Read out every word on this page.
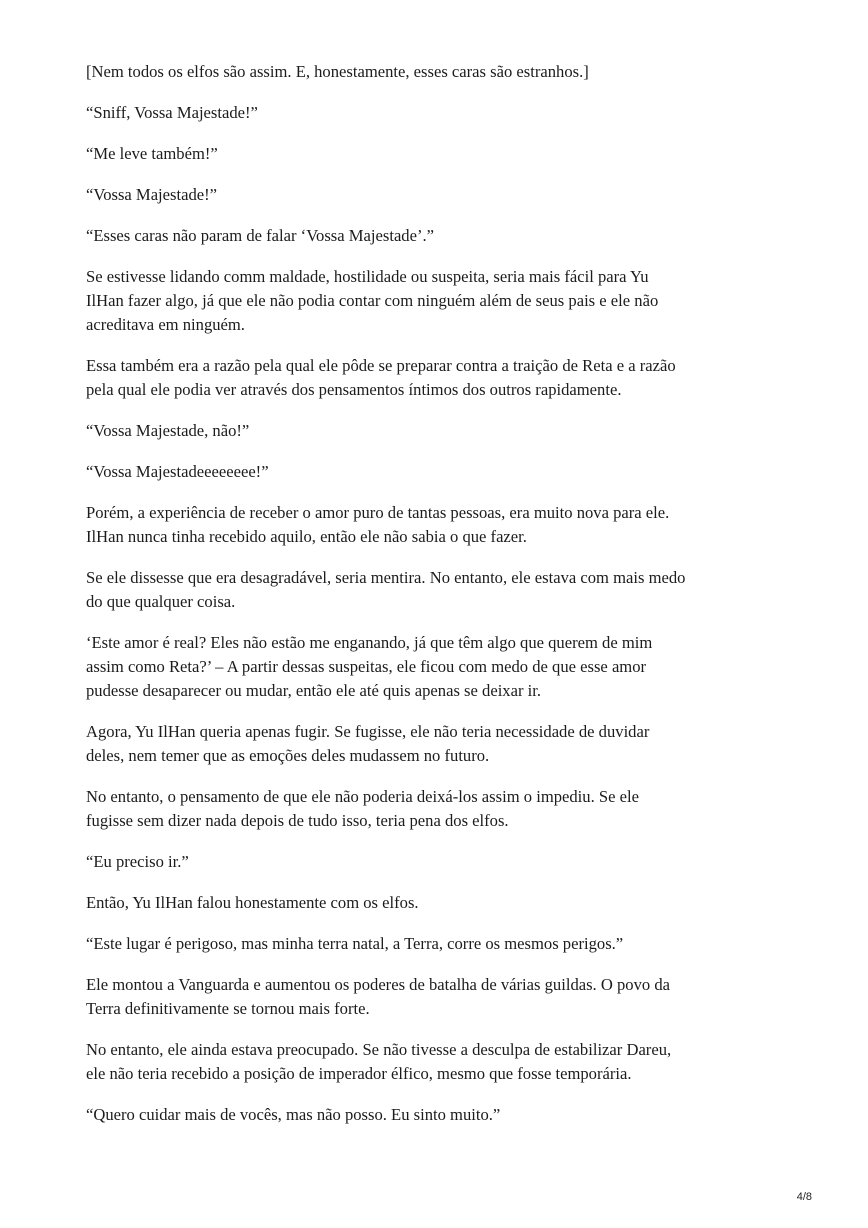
[Nem todos os elfos são assim. E, honestamente, esses caras são estranhos.]

“Sniff, Vossa Majestade!”

“Me leve também!”

“Vossa Majestade!”

“Esses caras não param de falar ‘Vossa Majestade’.”

Se estivesse lidando comm maldade, hostilidade ou suspeita, seria mais fácil para Yu
IlHan fazer algo, já que ele não podia contar com ninguém além de seus pais e ele não
acreditava em ninguém.

Essa também era a razão pela qual ele pôde se preparar contra a traição de Reta e a razão
pela qual ele podia ver através dos pensamentos íntimos dos outros rapidamente.

“Vossa Majestade, não!”

“Vossa Majestadeeeeeeee!”

Porém, a experiência de receber o amor puro de tantas pessoas, era muito nova para ele.
IlHan nunca tinha recebido aquilo, então ele não sabia o que fazer.

Se ele dissesse que era desagradável, seria mentira. No entanto, ele estava com mais medo
do que qualquer coisa.

‘Este amor é real? Eles não estão me enganando, já que têm algo que querem de mim
assim como Reta?’ – A partir dessas suspeitas, ele ficou com medo de que esse amor
pudesse desaparecer ou mudar, então ele até quis apenas se deixar ir.

Agora, Yu IlHan queria apenas fugir. Se fugisse, ele não teria necessidade de duvidar
deles, nem temer que as emoções deles mudassem no futuro.

No entanto, o pensamento de que ele não poderia deixá-los assim o impediu. Se ele
fugisse sem dizer nada depois de tudo isso, teria pena dos elfos.

“Eu preciso ir.”

Então, Yu IlHan falou honestamente com os elfos.

“Este lugar é perigoso, mas minha terra natal, a Terra, corre os mesmos perigos.”

Ele montou a Vanguarda e aumentou os poderes de batalha de várias guildas. O povo da
Terra definitivamente se tornou mais forte.

No entanto, ele ainda estava preocupado. Se não tivesse a desculpa de estabilizar Dareu,
ele não teria recebido a posição de imperador élfico, mesmo que fosse temporária.

“Quero cuidar mais de vocês, mas não posso. Eu sinto muito.”

4/8
